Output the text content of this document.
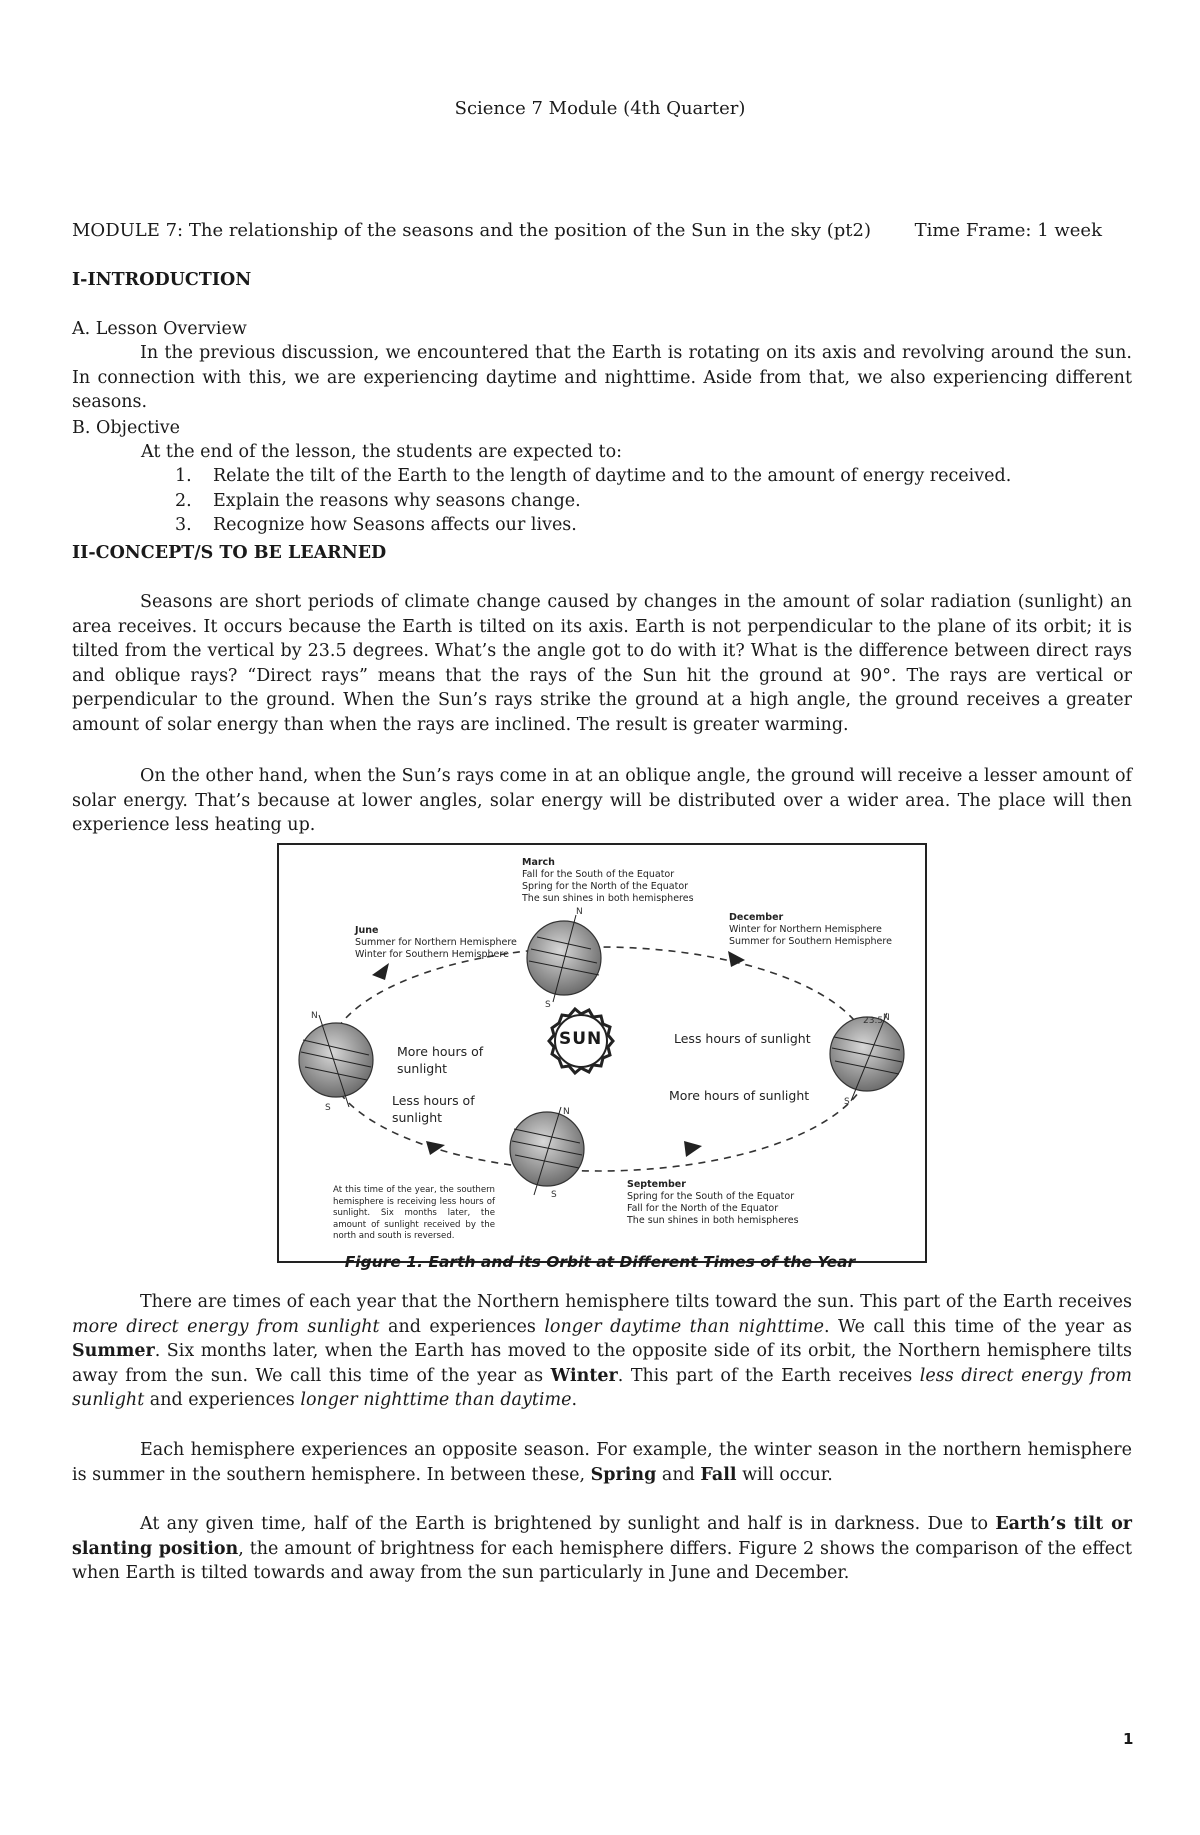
Science 7 Module (4th Quarter)
MODULE 7: The relationship of the seasons and the position of the Sun in the sky (pt2) Time Frame: 1 week
I-INTRODUCTION
A. Lesson Overview
In the previous discussion, we encountered that the Earth is rotating on its axis and revolving around the sun. In connection with this, we are experiencing daytime and nighttime. Aside from that, we also experiencing different seasons.
B. Objective
At the end of the lesson, the students are expected to:
1. Relate the tilt of the Earth to the length of daytime and to the amount of energy received.
2. Explain the reasons why seasons change.
3. Recognize how Seasons affects our lives.
II-CONCEPT/S TO BE LEARNED
Seasons are short periods of climate change caused by changes in the amount of solar radiation (sunlight) an area receives. It occurs because the Earth is tilted on its axis. Earth is not perpendicular to the plane of its orbit; it is tilted from the vertical by 23.5 degrees. What’s the angle got to do with it? What is the difference between direct rays and oblique rays? “Direct rays” means that the rays of the Sun hit the ground at 90°. The rays are vertical or perpendicular to the ground. When the Sun’s rays strike the ground at a high angle, the ground receives a greater amount of solar energy than when the rays are inclined. The result is greater warming.
On the other hand, when the Sun’s rays come in at an oblique angle, the ground will receive a lesser amount of solar energy. That’s because at lower angles, solar energy will be distributed over a wider area. The place will then experience less heating up.
SUN
N
S
N
S
N
23.5
S
N
S
March
Fall for the South of the Equator
Spring for the North of the Equator
The sun shines in both hemispheres
June
Summer for Northern Hemisphere
Winter for Southern Hemisphere
December
Winter for Northern Hemisphere
Summer for Southern Hemisphere
September
Spring for the South of the Equator
Fall for the North of the Equator
The sun shines in both hemispheres
More hours of sunlight
Less hours of sunlight
Less hours of sunlight
More hours of sunlight
At this time of the year, the southern hemisphere is receiving less hours of sunlight. Six months later, the amount of sunlight received by the north and south is reversed.
Figure 1. Earth and its Orbit at Different Times of the Year
There are times of each year that the Northern hemisphere tilts toward the sun. This part of the Earth receives more direct energy from sunlight and experiences longer daytime than nighttime. We call this time of the year as Summer. Six months later, when the Earth has moved to the opposite side of its orbit, the Northern hemisphere tilts away from the sun. We call this time of the year as Winter. This part of the Earth receives less direct energy from sunlight and experiences longer nighttime than daytime.
Each hemisphere experiences an opposite season. For example, the winter season in the northern hemisphere is summer in the southern hemisphere. In between these, Spring and Fall will occur.
At any given time, half of the Earth is brightened by sunlight and half is in darkness. Due to Earth’s tilt or slanting position, the amount of brightness for each hemisphere differs. Figure 2 shows the comparison of the effect when Earth is tilted towards and away from the sun particularly in June and December.
1
